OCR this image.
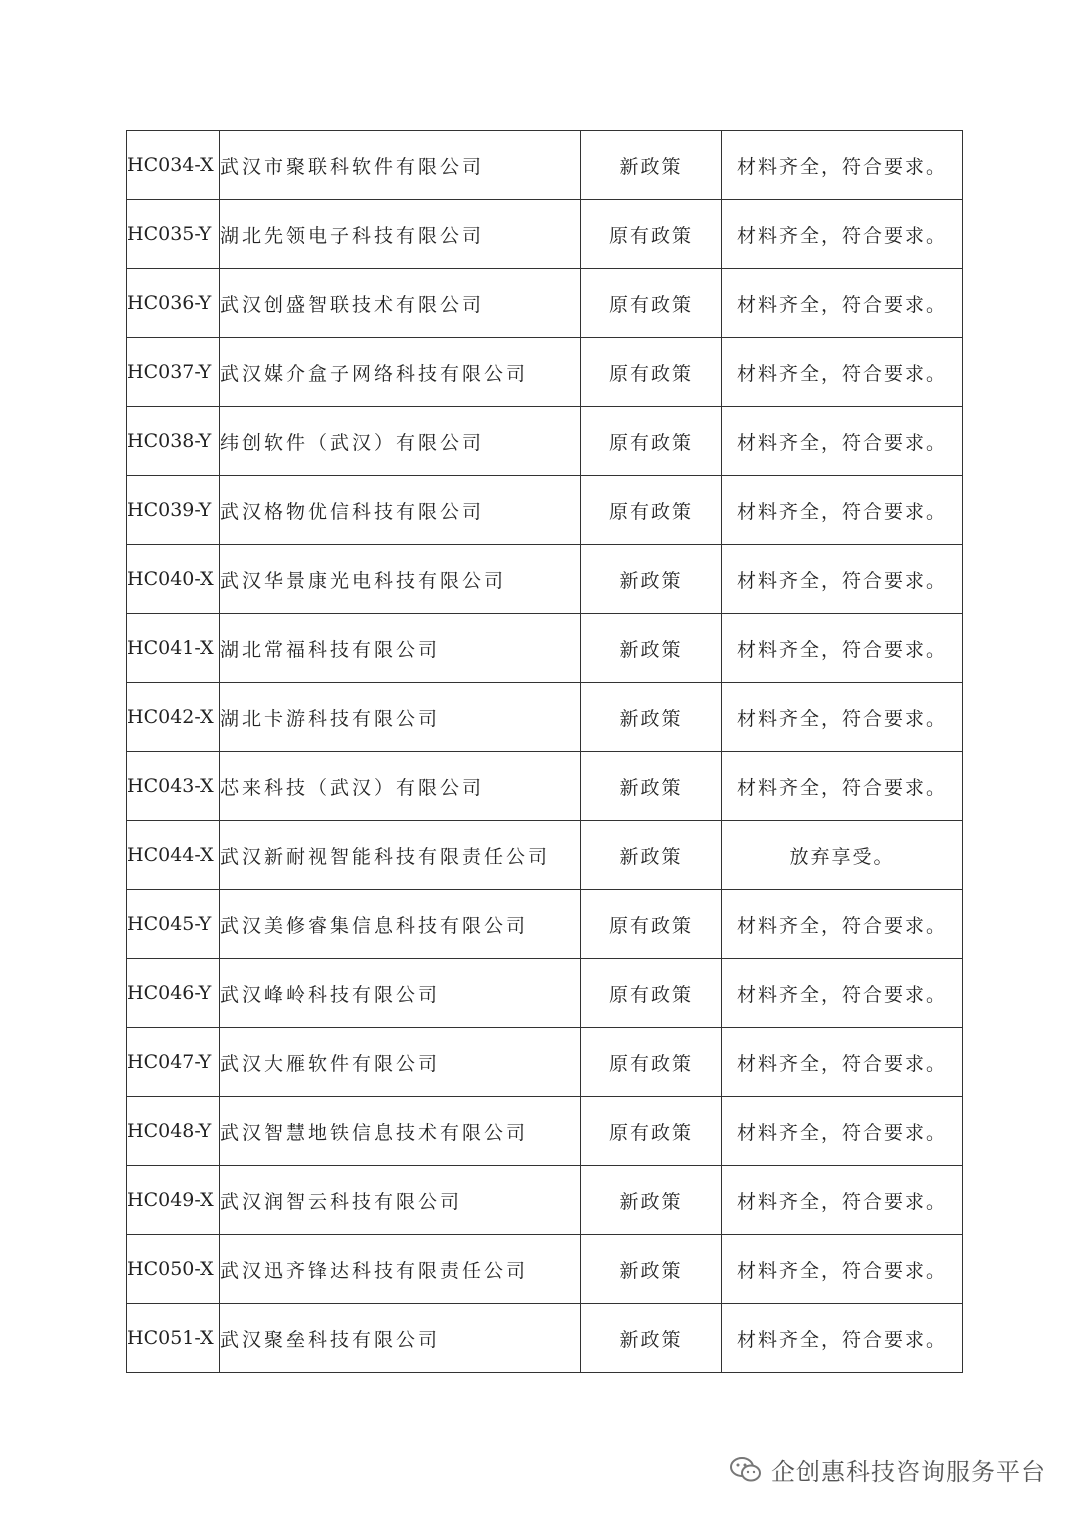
HC034-X	武汉市聚联科软件有限公司	新政策	材料齐全，符合要求。
HC035-Y	湖北先领电子科技有限公司	原有政策	材料齐全，符合要求。
HC036-Y	武汉创盛智联技术有限公司	原有政策	材料齐全，符合要求。
HC037-Y	武汉媒介盒子网络科技有限公司	原有政策	材料齐全，符合要求。
HC038-Y	纬创软件（武汉）有限公司	原有政策	材料齐全，符合要求。
HC039-Y	武汉格物优信科技有限公司	原有政策	材料齐全，符合要求。
HC040-X	武汉华景康光电科技有限公司	新政策	材料齐全，符合要求。
HC041-X	湖北常福科技有限公司	新政策	材料齐全，符合要求。
HC042-X	湖北卡游科技有限公司	新政策	材料齐全，符合要求。
HC043-X	芯来科技（武汉）有限公司	新政策	材料齐全，符合要求。
HC044-X	武汉新耐视智能科技有限责任公司	新政策	放弃享受。
HC045-Y	武汉美修睿集信息科技有限公司	原有政策	材料齐全，符合要求。
HC046-Y	武汉峰岭科技有限公司	原有政策	材料齐全，符合要求。
HC047-Y	武汉大雁软件有限公司	原有政策	材料齐全，符合要求。
HC048-Y	武汉智慧地铁信息技术有限公司	原有政策	材料齐全，符合要求。
HC049-X	武汉润智云科技有限公司	新政策	材料齐全，符合要求。
HC050-X	武汉迅齐锋达科技有限责任公司	新政策	材料齐全，符合要求。
HC051-X	武汉聚垒科技有限公司	新政策	材料齐全，符合要求。
企创惠科技咨询服务平台
